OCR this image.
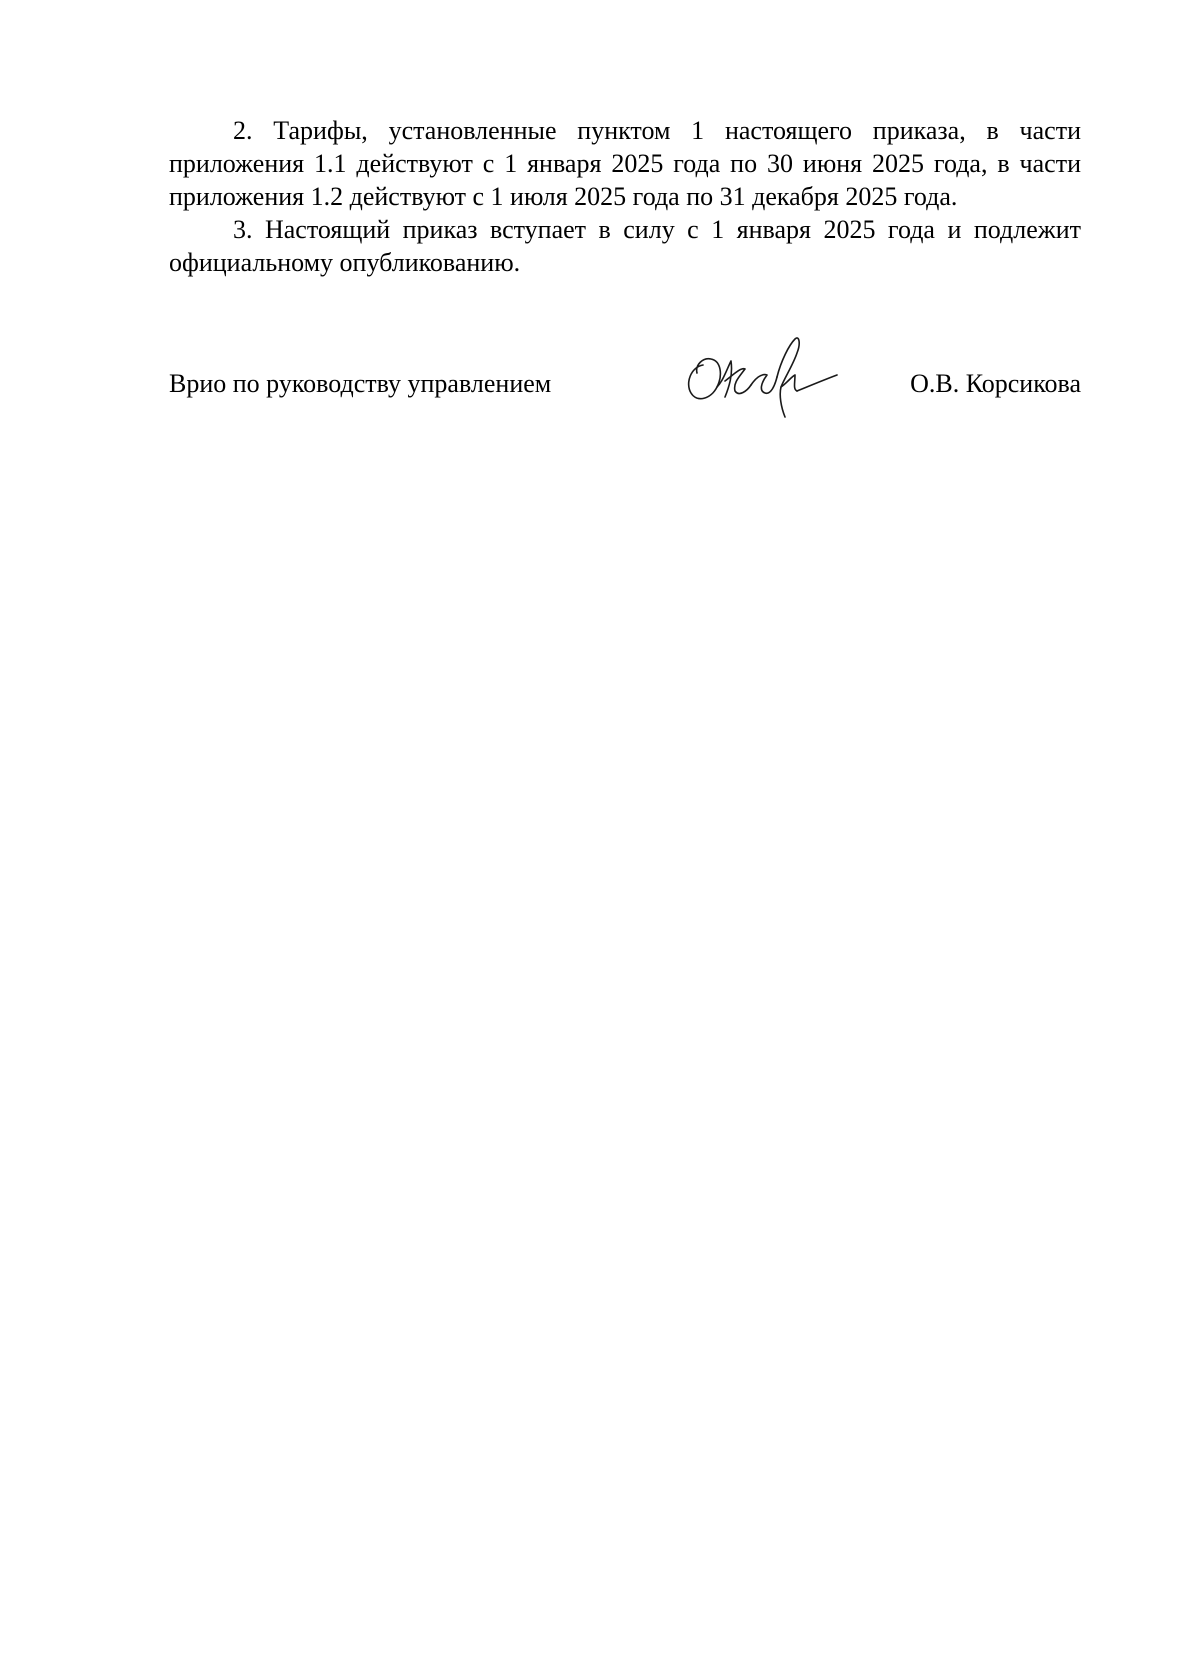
2. Тарифы, установленные пунктом 1 настоящего приказа, в части приложения 1.1 действуют с 1 января 2025 года по 30 июня 2025 года, в части приложения 1.2 действуют с 1 июля 2025 года по 31 декабря 2025 года.

3. Настоящий приказ вступает в силу с 1 января 2025 года и подлежит официальному опубликованию.

Врио по руководству управлением	О.В. Корсикова
